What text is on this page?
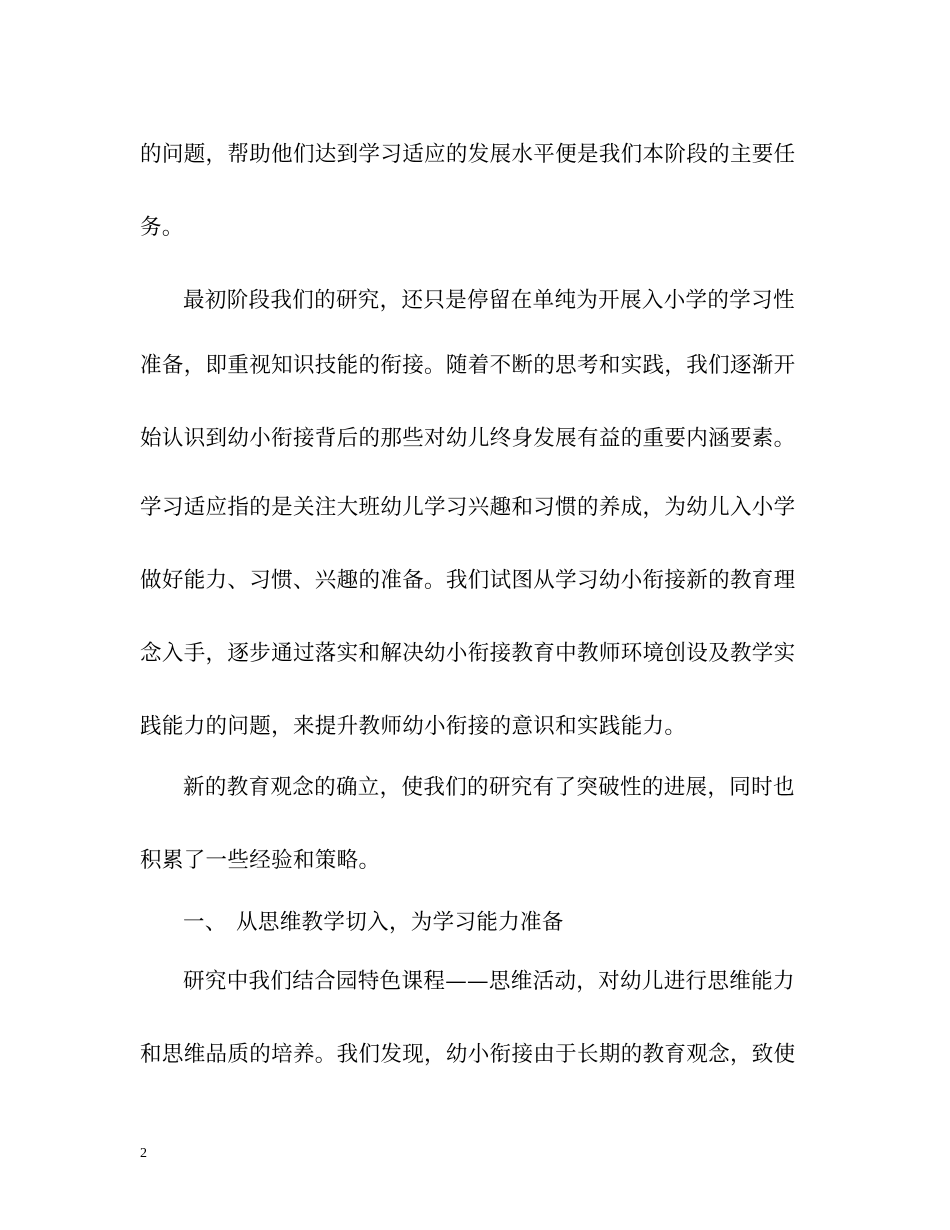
的问题，帮助他们达到学习适应的发展水平便是我们本阶段的主要任
务。
最初阶段我们的研究，还只是停留在单纯为开展入小学的学习性
准备，即重视知识技能的衔接。随着不断的思考和实践，我们逐渐开
始认识到幼小衔接背后的那些对幼儿终身发展有益的重要内涵要素。
学习适应指的是关注大班幼儿学习兴趣和习惯的养成，为幼儿入小学
做好能力、习惯、兴趣的准备。我们试图从学习幼小衔接新的教育理
念入手，逐步通过落实和解决幼小衔接教育中教师环境创设及教学实
践能力的问题，来提升教师幼小衔接的意识和实践能力。
新的教育观念的确立，使我们的研究有了突破性的进展，同时也
积累了一些经验和策略。
一、 从思维教学切入，为学习能力准备
研究中我们结合园特色课程——思维活动，对幼儿进行思维能力
和思维品质的培养。我们发现，幼小衔接由于长期的教育观念，致使
2
